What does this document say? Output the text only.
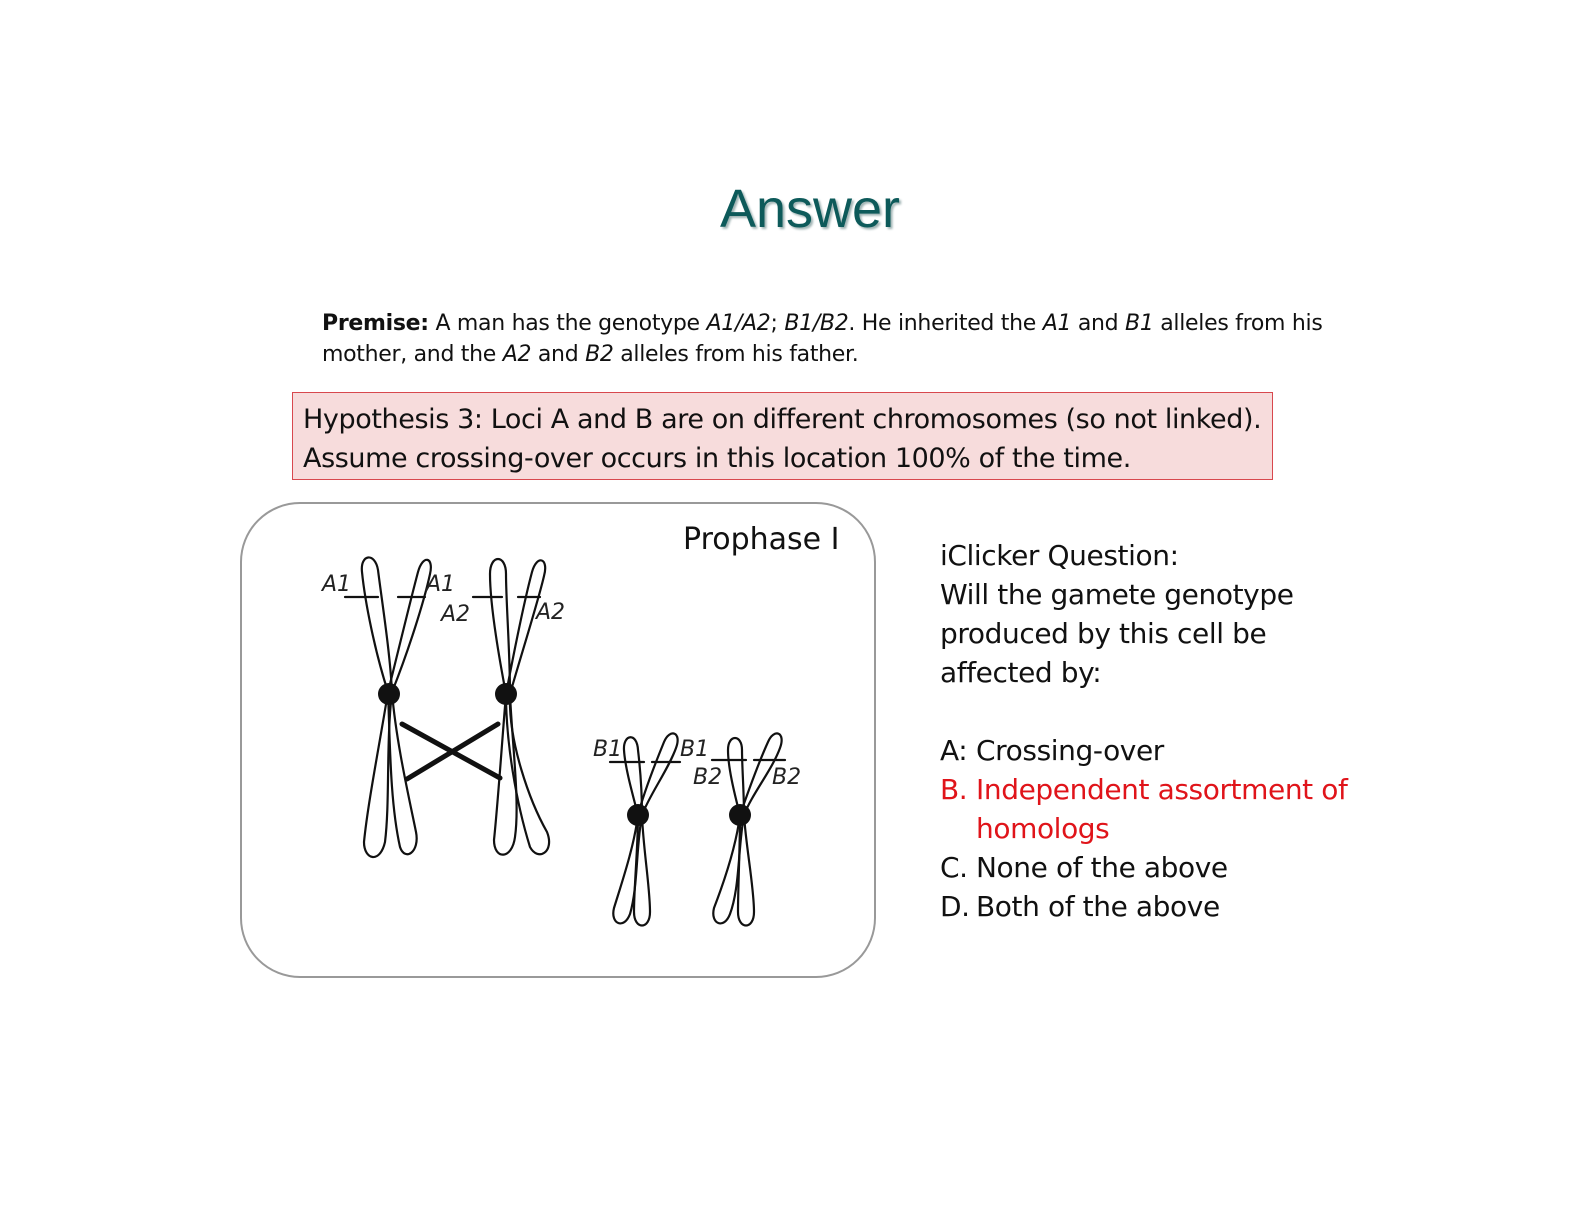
Answer
Premise: A man has the genotype A1/A2; B1/B2. He inherited the A1 and B1 alleles from his mother, and the A2 and B2 alleles from his father.
Hypothesis 3: Loci A and B are on different chromosomes (so not linked).
Assume crossing-over occurs in this location 100% of the time.
Prophase I
A1	A1
A2	A2
B1	B1
B2 B2
iClicker Question:
Will the gamete genotype
produced by this cell be
affected by:
A: Crossing-over
B. Independent assortment of homologs
C. None of the above
D. Both of the above
